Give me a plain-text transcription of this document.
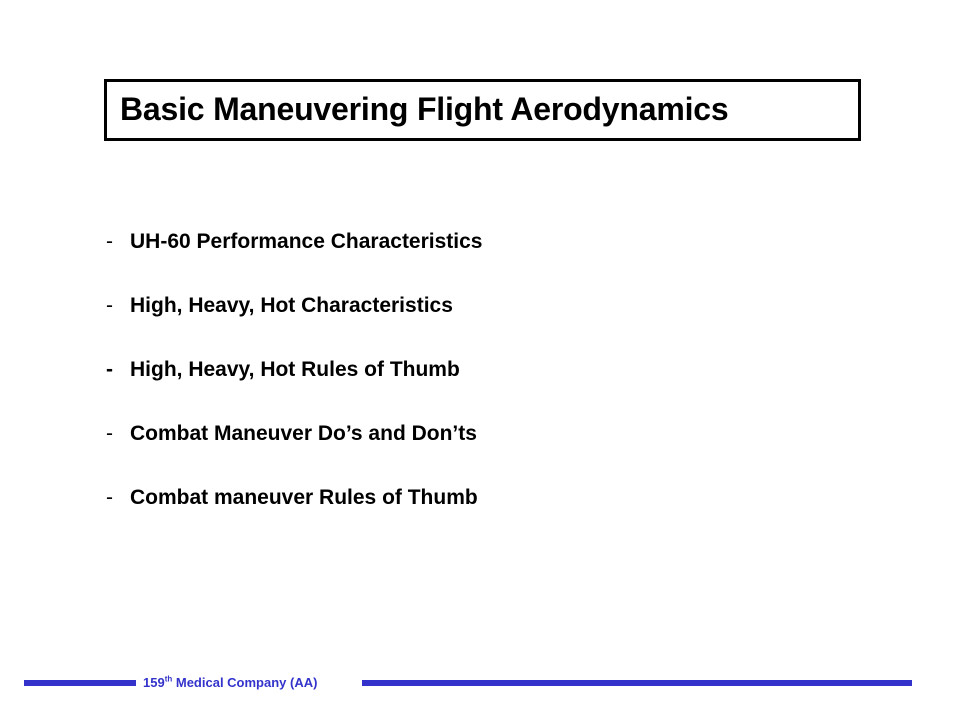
Basic Maneuvering Flight Aerodynamics
- UH-60 Performance Characteristics
- High, Heavy, Hot Characteristics
- High, Heavy, Hot Rules of Thumb
- Combat Maneuver Do’s and Don’ts
- Combat maneuver Rules of Thumb
159th Medical Company (AA)
